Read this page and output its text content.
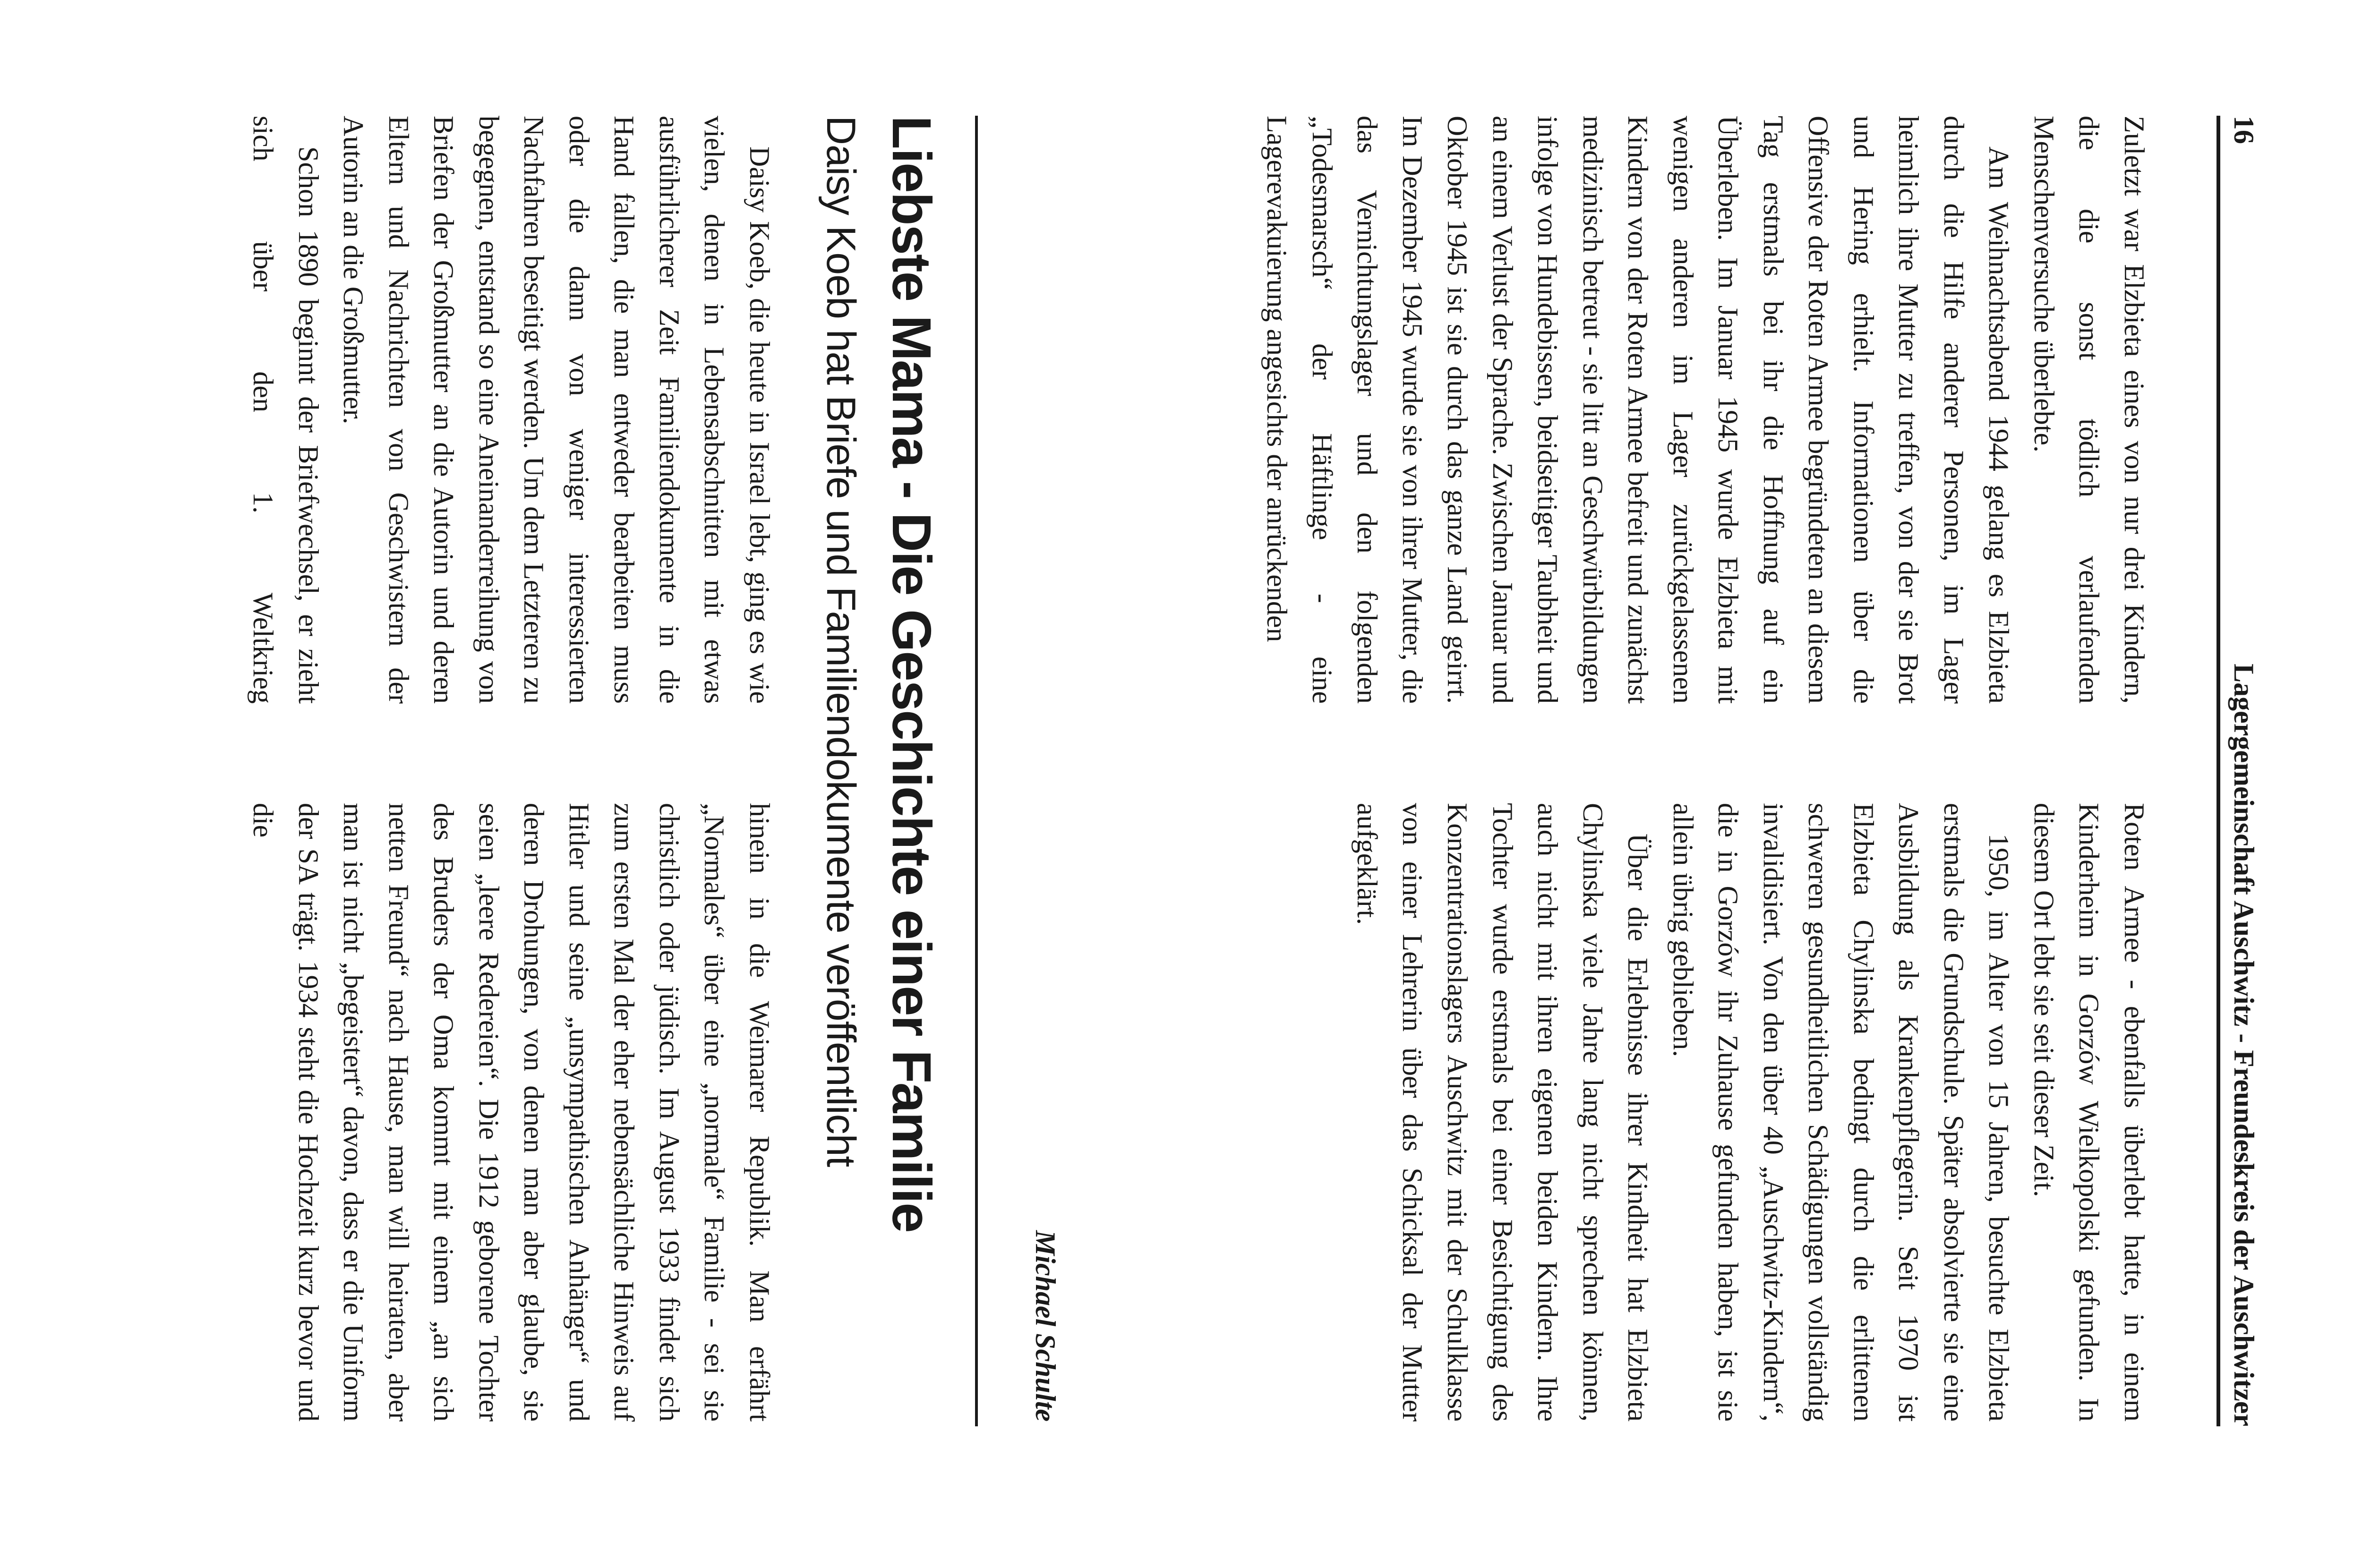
16
Lagergemeinschaft Auschwitz - Freundeskreis der Auschwitzer

Zuletzt war Elzbieta eines von nur drei Kindern, die die sonst tödlich verlaufenden Menschenversuche überlebte.

Am Weihnachtsabend 1944 gelang es Elzbieta durch die Hilfe anderer Personen, im Lager heimlich ihre Mutter zu treffen, von der sie Brot und Hering erhielt. Informationen über die Offensive der Roten Armee begründeten an diesem Tag erstmals bei ihr die Hoffnung auf ein Überleben. Im Januar 1945 wurde Elzbieta mit wenigen anderen im Lager zurückgelassenen Kindern von der Roten Armee befreit und zunächst medizinisch betreut - sie litt an Geschwürbildungen infolge von Hundebissen, beidseitiger Taubheit und an einem Verlust der Sprache. Zwischen Januar und Oktober 1945 ist sie durch das ganze Land geirrt. Im Dezember 1945 wurde sie von ihrer Mutter, die das Vernichtungslager und den folgenden „Todesmarsch“ der Häftlinge - eine Lagerevakuierung angesichts der anrückenden

Roten Armee - ebenfalls überlebt hatte, in einem Kinderheim in Gorzów Wielkopolski gefunden. In diesem Ort lebt sie seit dieser Zeit.

1950, im Alter von 15 Jahren, besuchte Elzbieta erstmals die Grundschule. Später absolvierte sie eine Ausbildung als Krankenpflegerin. Seit 1970 ist Elzbieta Chylinska bedingt durch die erlittenen schweren gesundheitlichen Schädigungen vollständig invalidisiert. Von den über 40 „Auschwitz-Kindern“, die in Gorzów ihr Zuhause gefunden haben, ist sie allein übrig geblieben.

Über die Erlebnisse ihrer Kindheit hat Elzbieta Chylinska viele Jahre lang nicht sprechen können, auch nicht mit ihren eigenen beiden Kindern. Ihre Tochter wurde erstmals bei einer Besichtigung des Konzentrationslagers Auschwitz mit der Schulklasse von einer Lehrerin über das Schicksal der Mutter aufgeklärt.

Michael Schulte
Liebste Mama - Die Geschichte einer Familie
Daisy Koeb hat Briefe und Familiendokumente veröffentlicht

Daisy Koeb, die heute in Israel lebt, ging es wie vielen, denen in Lebensabschnitten mit etwas ausführlicherer Zeit Familiendokumente in die Hand fallen, die man entweder bearbeiten muss oder die dann von weniger interessierten Nachfahren beseitigt werden. Um dem Letzteren zu begegnen, entstand so eine Aneinanderreihung von Briefen der Großmutter an die Autorin und deren Eltern und Nachrichten von Geschwistern der Autorin an die Großmutter.

Schon 1890 beginnt der Briefwechsel, er zieht sich über den 1. Weltkrieg

hinein in die Weimarer Republik. Man erfährt „Normales“ über eine „normale“ Familie - sei sie christlich oder jüdisch. Im August 1933 findet sich zum ersten Mal der eher nebensächliche Hinweis auf Hitler und seine „unsympathischen Anhänger“ und deren Drohungen, von denen man aber glaube, sie seien „leere Redereien“. Die 1912 geborene Tochter des Bruders der Oma kommt mit einem „an sich netten Freund“ nach Hause, man will heiraten, aber man ist nicht „begeistert“ davon, dass er die Uniform der SA trägt. 1934 steht die Hochzeit kurz bevor und die
